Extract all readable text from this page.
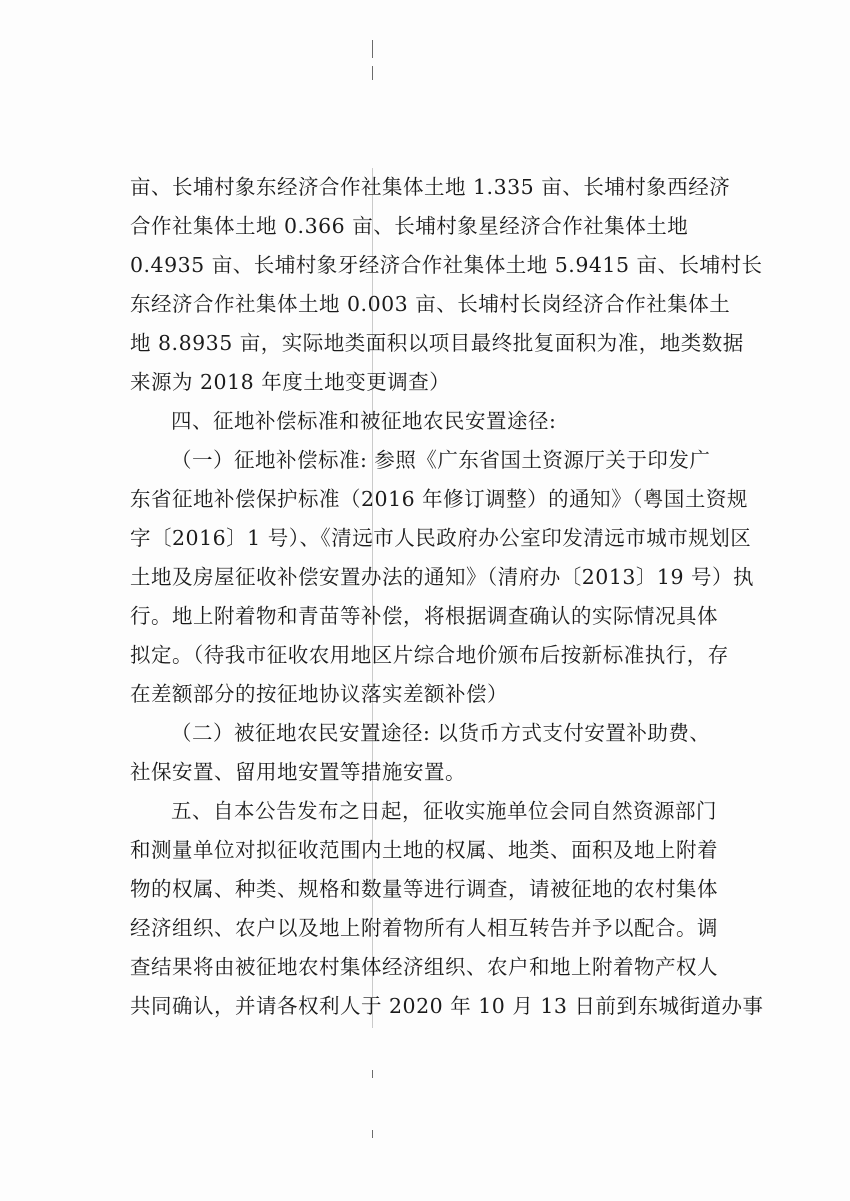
亩、长埔村象东经济合作社集体土地 1.335 亩、长埔村象西经济
合作社集体土地 0.366 亩、长埔村象星经济合作社集体土地
0.4935 亩、长埔村象牙经济合作社集体土地 5.9415 亩、长埔村长
东经济合作社集体土地 0.003 亩、长埔村长岗经济合作社集体土
地 8.8935 亩，实际地类面积以项目最终批复面积为准，地类数据
来源为 2018 年度土地变更调查）
四、征地补偿标准和被征地农民安置途径:
（一）征地补偿标准: 参照《广东省国土资源厅关于印发广
东省征地补偿保护标准（2016 年修订调整）的通知》（粤国土资规
字〔2016〕1 号）、《清远市人民政府办公室印发清远市城市规划区
土地及房屋征收补偿安置办法的通知》（清府办〔2013〕19 号）执
行。地上附着物和青苗等补偿，将根据调查确认的实际情况具体
拟定。（待我市征收农用地区片综合地价颁布后按新标准执行，存
在差额部分的按征地协议落实差额补偿）
（二）被征地农民安置途径: 以货币方式支付安置补助费、
社保安置、留用地安置等措施安置。
五、自本公告发布之日起，征收实施单位会同自然资源部门
和测量单位对拟征收范围内土地的权属、地类、面积及地上附着
物的权属、种类、规格和数量等进行调查，请被征地的农村集体
经济组织、农户以及地上附着物所有人相互转告并予以配合。调
查结果将由被征地农村集体经济组织、农户和地上附着物产权人
共同确认，并请各权利人于 2020 年 10 月 13 日前到东城街道办事
